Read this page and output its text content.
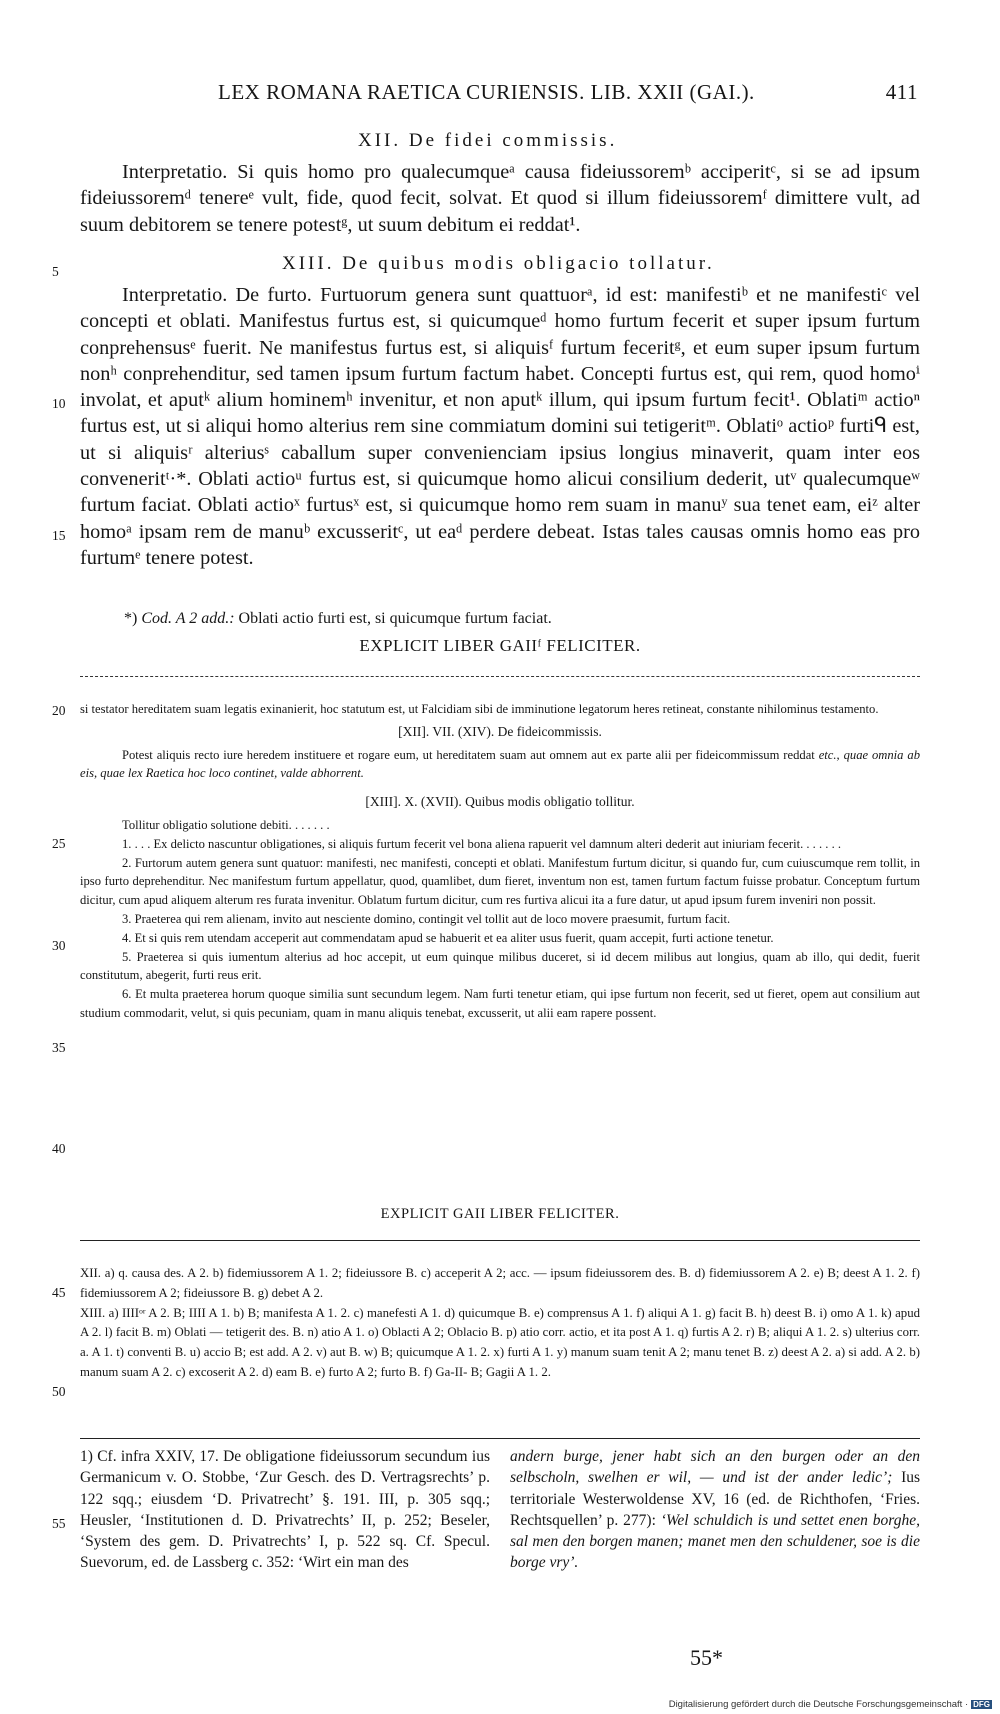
LEX ROMANA RAETICA CURIENSIS. LIB. XXII (GAI.).	411
XII. De fidei commissis.

Interpretatio. Si quis homo pro qualecumqueᵃ causa fideiussoremᵇ acciperitᶜ, si se ad ipsum fideiussoremᵈ tenereᵉ vult, fide, quod fecit, solvat. Et quod si illum fideiussoremᶠ dimittere vult, ad suum debitorem se tenere potestᵍ, ut suum debitum ei reddat¹.

XIII. De quibus modis obligacio tollatur.

Interpretatio. De furto. Furtuorum genera sunt quattuorᵃ, id est: manifestiᵇ et ne manifestiᶜ vel concepti et oblati. Manifestus furtus est, si quicumqueᵈ homo furtum fecerit et super ipsum furtum conprehensusᵉ fuerit. Ne manifestus furtus est, si aliquisᶠ furtum feceritᵍ, et eum super ipsum furtum nonʰ conprehenditur, sed tamen ipsum furtum factum habet. Concepti furtus est, qui rem, quod homoⁱ involat, et aputᵏ alium hominemʰ invenitur, et non aputᵏ illum, qui ipsum furtum fecit¹. Oblatiᵐ actioⁿ furtus est, ut si aliqui homo alterius rem sine commiatum domini sui tetigeritᵐ. Oblatiᵒ actioᵖ furtiᑫ est, ut si aliquisʳ alteriusˢ caballum super convenienciam ipsius longius minaverit, quam inter eos conveneritᵗ·*. Oblati actioᵘ furtus est, si quicumque homo alicui consilium dederit, utᵛ qualecumqueʷ furtum faciat. Oblati actioˣ furtusˣ est, si quicumque homo rem suam in manuʸ sua tenet eam, eiᶻ alter homoᵃ ipsam rem de manuᵇ excusseritᶜ, ut eaᵈ perdere debeat. Istas tales causas omnis homo eas pro furtumᵉ tenere potest.

*) Cod. A 2 add.: Oblati actio furti est, si quicumque furtum faciat.
EXPLICIT LIBER GAIIᶠ FELICITER.

si testator hereditatem suam legatis exinanierit, hoc statutum est, ut Falcidiam sibi de imminutione legatorum heres retineat, constante nihilominus testamento.

[XII]. VII. (XIV). De fideicommissis.

Potest aliquis recto iure heredem instituere et rogare eum, ut hereditatem suam aut omnem aut ex parte alii per fideicommissum reddat etc., quae omnia ab eis, quae lex Raetica hoc loco continet, valde abhorrent.

[XIII]. X. (XVII). Quibus modis obligatio tollitur.

Tollitur obligatio solutione debiti. . . . . . .

1. . . . Ex delicto nascuntur obligationes, si aliquis furtum fecerit vel bona aliena rapuerit vel damnum alteri dederit aut iniuriam fecerit. . . . . . .

2. Furtorum autem genera sunt quatuor: manifesti, nec manifesti, concepti et oblati. Manifestum furtum dicitur, si quando fur, cum cuiuscumque rem tollit, in ipso furto deprehenditur. Nec manifestum furtum appellatur, quod, quamlibet, dum fieret, inventum non est, tamen furtum factum fuisse probatur. Conceptum furtum dicitur, cum apud aliquem alterum res furata invenitur. Oblatum furtum dicitur, cum res furtiva alicui ita a fure datur, ut apud ipsum furem inveniri non possit.

3. Praeterea qui rem alienam, invito aut nesciente domino, contingit vel tollit aut de loco movere praesumit, furtum facit.

4. Et si quis rem utendam acceperit aut commendatam apud se habuerit et ea aliter usus fuerit, quam accepit, furti actione tenetur.

5. Praeterea si quis iumentum alterius ad hoc accepit, ut eum quinque milibus duceret, si id decem milibus aut longius, quam ab illo, qui dedit, fuerit constitutum, abegerit, furti reus erit.

6. Et multa praeterea horum quoque similia sunt secundum legem. Nam furti tenetur etiam, qui ipse furtum non fecerit, sed ut fieret, opem aut consilium aut studium commodarit, velut, si quis pecuniam, quam in manu aliquis tenebat, excusserit, ut alii eam rapere possent.

EXPLICIT GAII LIBER FELICITER.

XII. a) q. causa des. A 2. b) fidemiussorem A 1. 2; fideiussore B. c) acceperit A 2; acc. — ipsum fideiussorem des. B. d) fidemiussorem A 2. e) B; deest A 1. 2. f) fidemiussorem A 2; fideiussore B. g) debet A 2.

XIII. a) IIIIᵒʳ A 2. B; IIII A 1. b) B; manifesta A 1. 2. c) manefesti A 1. d) quicumque B. e) comprensus A 1. f) aliqui A 1. g) facit B. h) deest B. i) omo A 1. k) apud A 2. l) facit B. m) Oblati — tetigerit des. B. n) atio A 1. o) Oblacti A 2; Oblacio B. p) atio corr. actio, et ita post A 1. q) furtis A 2. r) B; aliqui A 1. 2. s) ulterius corr. a. A 1. t) conventi B. u) accio B; est add. A 2. v) aut B. w) B; quicumque A 1. 2. x) furti A 1. y) manum suam tenit A 2; manu tenet B. z) deest A 2. a) si add. A 2. b) manum suam A 2. c) excoserit A 2. d) eam B. e) furto A 2; furto B. f) Ga-II- B; Gagii A 1. 2.

1) Cf. infra XXIV, 17. De obligatione fideiussorum secundum ius Germanicum v. O. Stobbe, ‘Zur Gesch. des D. Vertragsrechts’ p. 122 sqq.; eiusdem ‘D. Privatrecht’ §. 191. III, p. 305 sqq.; Heusler, ‘Institutionen d. D. Privatrechts’ II, p. 252; Beseler, ‘System des gem. D. Privatrechts’ I, p. 522 sq. Cf. Specul. Suevorum, ed. de Lassberg c. 352: ‘Wirt ein man des

andern burge, jener habt sich an den burgen oder an den selbscholn, swelhen er wil, — und ist der ander ledic’; Ius territoriale Westerwoldense XV, 16 (ed. de Richthofen, ‘Fries. Rechtsquellen’ p. 277): ‘Wel schuldich is und settet enen borghe, sal men den borgen manen; manet men den schuldener, soe is die borge vry’.

55*
5
10
15
20
25
30
35
40
45
50
55
Digitalisierung gefördert durch die Deutsche Forschungsgemeinschaft · DFG
